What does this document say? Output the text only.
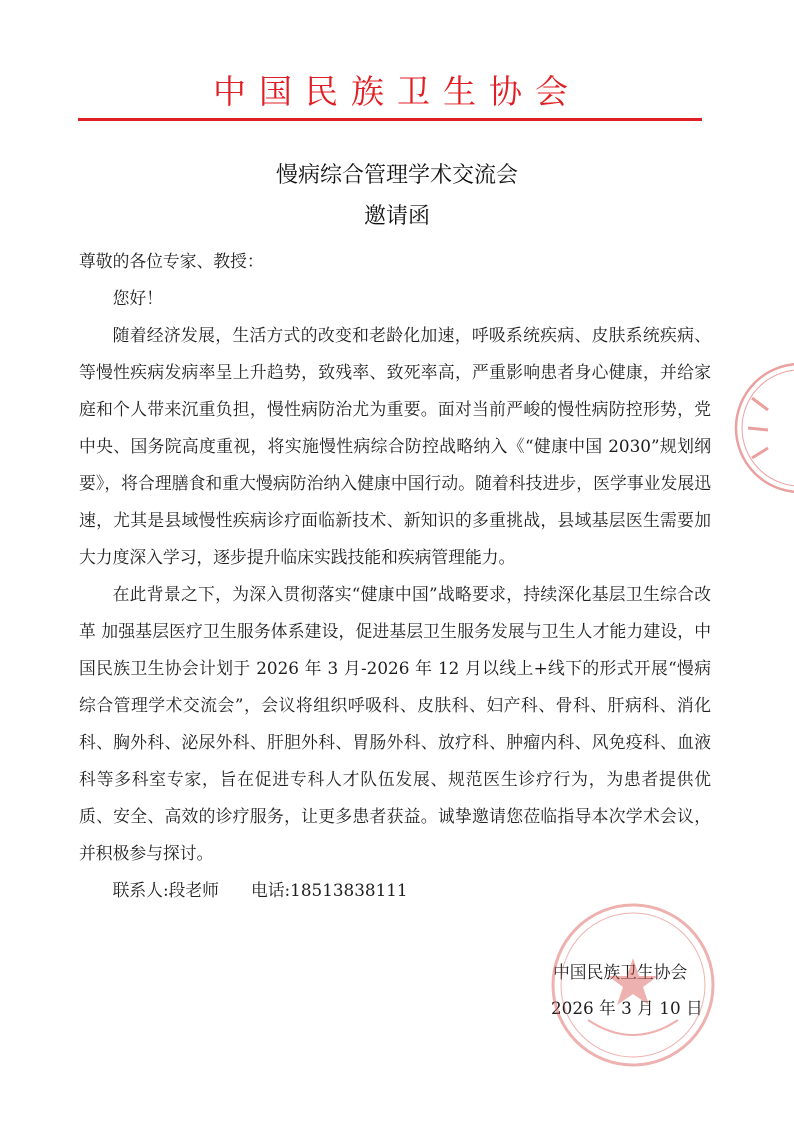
中国民族卫生协会
慢病综合管理学术交流会
邀请函

尊敬的各位专家、教授：

您好！

随着经济发展，生活方式的改变和老龄化加速，呼吸系统疾病、皮肤系统疾病、等慢性疾病发病率呈上升趋势，致残率、致死率高，严重影响患者身心健康，并给家庭和个人带来沉重负担，慢性病防治尤为重要。面对当前严峻的慢性病防控形势，党中央、国务院高度重视，将实施慢性病综合防控战略纳入《“健康中国 2030”规划纲要》，将合理膳食和重大慢病防治纳入健康中国行动。随着科技进步，医学事业发展迅速，尤其是县域慢性疾病诊疗面临新技术、新知识的多重挑战，县域基层医生需要加大力度深入学习，逐步提升临床实践技能和疾病管理能力。

在此背景之下，为深入贯彻落实“健康中国”战略要求，持续深化基层卫生综合改革 加强基层医疗卫生服务体系建设，促进基层卫生服务发展与卫生人才能力建设，中国民族卫生协会计划于 2026 年 3 月-2026 年 12 月以线上+线下的形式开展“慢病综合管理学术交流会”，会议将组织呼吸科、皮肤科、妇产科、骨科、肝病科、消化科、胸外科、泌尿外科、肝胆外科、胃肠外科、放疗科、肿瘤内科、风免疫科、血液科等多科室专家，旨在促进专科人才队伍发展、规范医生诊疗行为，为患者提供优质、安全、高效的诊疗服务，让更多患者获益。诚挚邀请您莅临指导本次学术会议，并积极参与探讨。

联系人:段老师      电话:18513838111

中国民族卫生协会
2026 年 3 月 10 日
